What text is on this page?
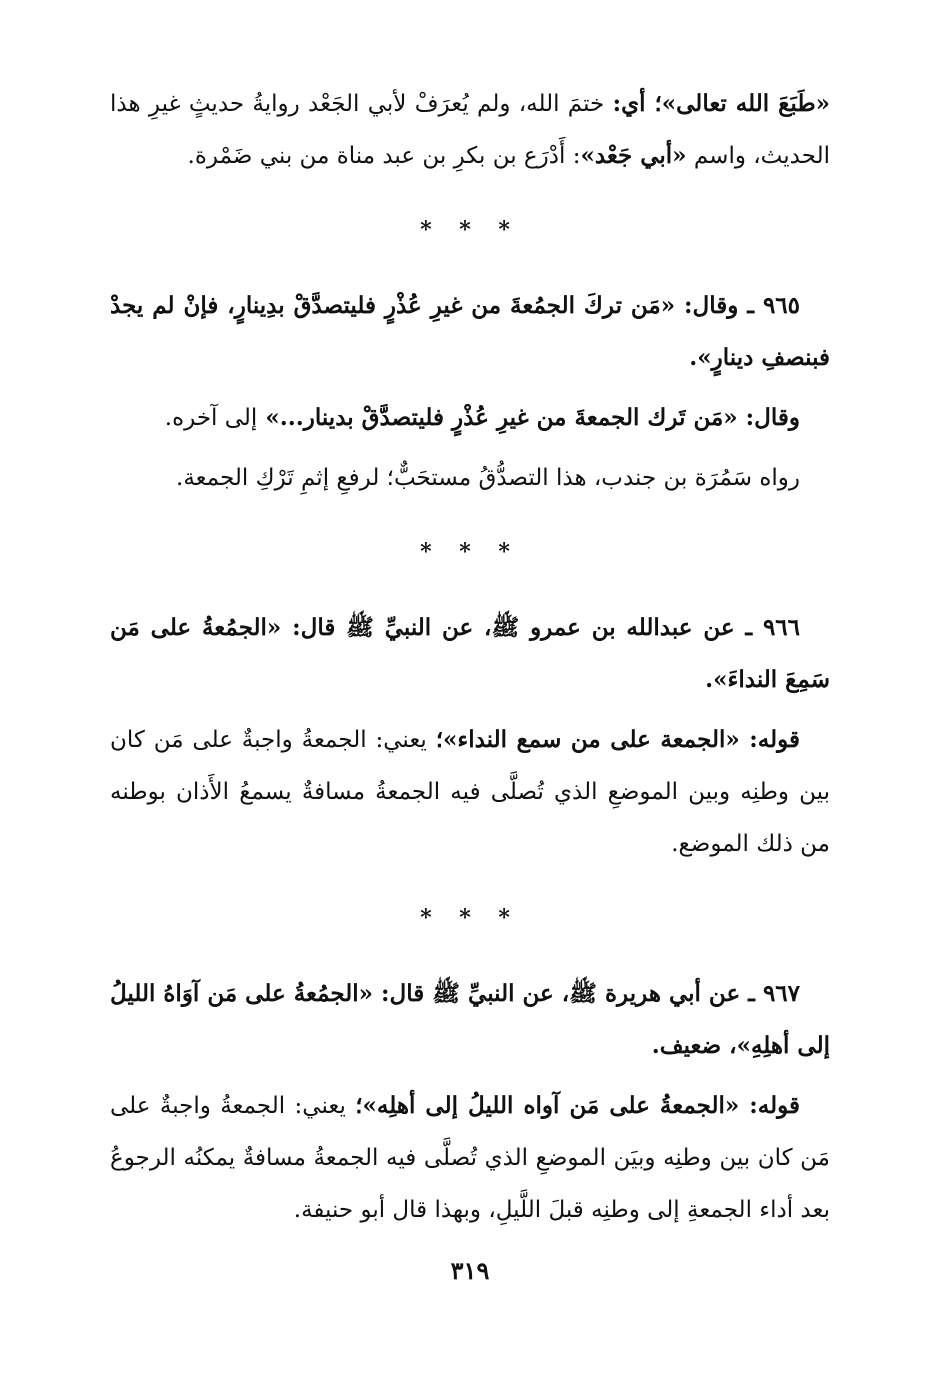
«طَبَعَ الله تعالى»؛ أي: ختمَ الله، ولم يُعرَفْ لأبي الجَعْد روايةُ حديثٍ غيرِ هذا الحديث، واسم «أبي جَعْد»: أَدْرَع بن بكرِ بن عبد مناة من بني ضَمْرة.

* * *

٩٦٥ ـ وقال: «مَن تركَ الجمُعةَ من غيرِ عُذْرٍ فليتصدَّقْ بدِينارٍ، فإنْ لم يجدْ فبنصفِ دينارٍ».

وقال: «مَن تَرك الجمعةَ من غيرِ عُذْرٍ فليتصدَّقْ بدينار...» إلى آخره.

رواه سَمُرَة بن جندب، هذا التصدُّقُ مستحَبٌّ؛ لرفعِ إثمِ تَرْكِ الجمعة.

* * *

٩٦٦ ـ عن عبدالله بن عمرو ﷺ، عن النبيِّ ﷺ قال: «الجمُعةُ على مَن سَمِعَ النداءَ».

قوله: «الجمعة على من سمع النداء»؛ يعني: الجمعةُ واجبةٌ على مَن كان بين وطنِه وبين الموضعِ الذي تُصلَّى فيه الجمعةُ مسافةٌ يسمعُ الأَذان بوطنه من ذلك الموضع.

* * *

٩٦٧ ـ عن أبي هريرة ﷺ، عن النبيِّ ﷺ قال: «الجمُعةُ على مَن آوَاهُ الليلُ إلى أهلِهِ»، ضعيف.

قوله: «الجمعةُ على مَن آواه الليلُ إلى أهلِه»؛ يعني: الجمعةُ واجبةٌ على مَن كان بين وطنِه وبيَن الموضعِ الذي تُصلَّى فيه الجمعةُ مسافةٌ يمكنُه الرجوعُ بعد أداء الجمعةِ إلى وطنِه قبلَ اللَّيلِ، وبهذا قال أبو حنيفة.

٣١٩
